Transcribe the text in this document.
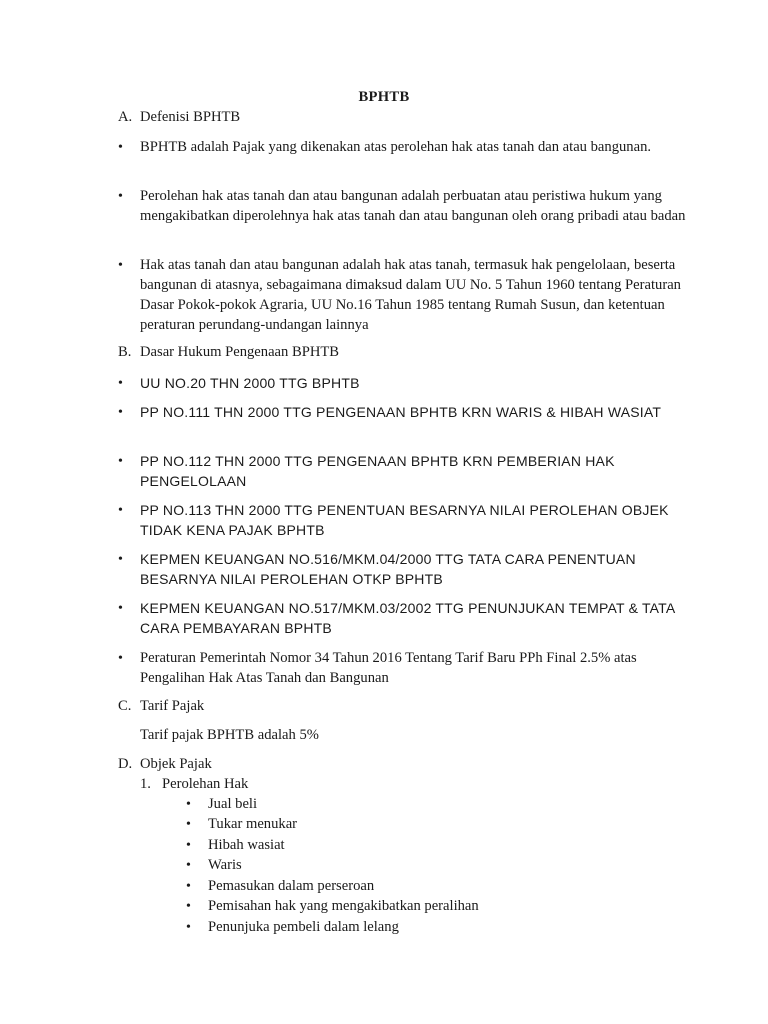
BPHTB
A. Defenisi BPHTB
•
BPHTB adalah Pajak yang dikenakan atas perolehan hak atas tanah dan atau bangunan.
•
Perolehan hak atas tanah dan atau bangunan adalah perbuatan atau peristiwa hukum yang mengakibatkan diperolehnya hak atas tanah dan atau bangunan oleh orang pribadi atau badan
•
Hak atas tanah dan atau bangunan adalah hak atas tanah, termasuk hak pengelolaan, beserta bangunan di atasnya, sebagaimana dimaksud dalam UU No. 5 Tahun 1960 tentang Peraturan Dasar Pokok-pokok Agraria, UU No.16 Tahun 1985 tentang Rumah Susun, dan ketentuan peraturan perundang-undangan lainnya
B. Dasar Hukum Pengenaan BPHTB
•
UU NO.20 THN 2000 TTG BPHTB
•
PP NO.111 THN 2000 TTG PENGENAAN BPHTB KRN WARIS & HIBAH WASIAT
•
PP NO.112 THN 2000 TTG PENGENAAN BPHTB KRN PEMBERIAN HAK PENGELOLAAN
•
PP NO.113 THN 2000 TTG PENENTUAN BESARNYA NILAI PEROLEHAN OBJEK TIDAK KENA PAJAK BPHTB
•
KEPMEN KEUANGAN NO.516/MKM.04/2000 TTG TATA CARA PENENTUAN BESARNYA NILAI PEROLEHAN OTKP BPHTB
•
KEPMEN KEUANGAN NO.517/MKM.03/2002 TTG PENUNJUKAN TEMPAT & TATA CARA PEMBAYARAN BPHTB
•
Peraturan Pemerintah Nomor 34 Tahun 2016 Tentang Tarif Baru PPh Final 2.5% atas Pengalihan Hak Atas Tanah dan Bangunan
C. Tarif Pajak
Tarif pajak BPHTB adalah 5%
D. Objek Pajak
1. Perolehan Hak
•Jual beli
•Tukar menukar
•Hibah wasiat
•Waris
•Pemasukan dalam perseroan
•Pemisahan hak yang mengakibatkan peralihan
•Penunjuka pembeli dalam lelang
